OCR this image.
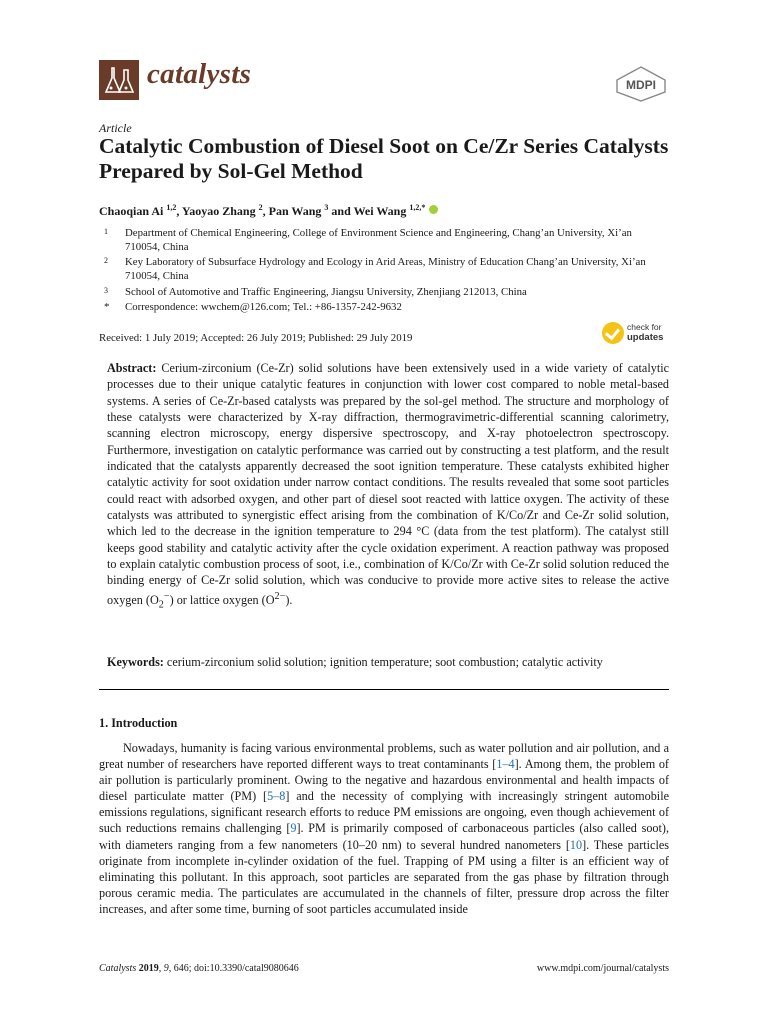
catalysts	MDPI
Article
Catalytic Combustion of Diesel Soot on Ce/Zr Series Catalysts Prepared by Sol-Gel Method
Chaoqian Ai $^{1,2}$, Yaoyao Zhang $^2$, Pan Wang $^3$ and Wei Wang $^{1,2,*}$
1 Department of Chemical Engineering, College of Environment Science and Engineering, Chang’an University, Xi’an 710054, China
2 Key Laboratory of Subsurface Hydrology and Ecology in Arid Areas, Ministry of Education Chang’an University, Xi’an 710054, China
3 School of Automotive and Traffic Engineering, Jiangsu University, Zhenjiang 212013, China
* Correspondence: wwchem@126.com; Tel.: +86-1357-242-9632
Received: 1 July 2019; Accepted: 26 July 2019; Published: 29 July 2019
check for
updates
Abstract: Cerium-zirconium (Ce-Zr) solid solutions have been extensively used in a wide variety of catalytic processes due to their unique catalytic features in conjunction with lower cost compared to noble metal-based systems. A series of Ce-Zr-based catalysts was prepared by the sol-gel method. The structure and morphology of these catalysts were characterized by X-ray diffraction, thermogravimetric-differential scanning calorimetry, scanning electron microscopy, energy dispersive spectroscopy, and X-ray photoelectron spectroscopy. Furthermore, investigation on catalytic performance was carried out by constructing a test platform, and the result indicated that the catalysts apparently decreased the soot ignition temperature. These catalysts exhibited higher catalytic activity for soot oxidation under narrow contact conditions. The results revealed that some soot particles could react with adsorbed oxygen, and other part of diesel soot reacted with lattice oxygen. The activity of these catalysts was attributed to synergistic effect arising from the combination of K/Co/Zr and Ce-Zr solid solution, which led to the decrease in the ignition temperature to 294 °C (data from the test platform). The catalyst still keeps good stability and catalytic activity after the cycle oxidation experiment. A reaction pathway was proposed to explain catalytic combustion process of soot, i.e., combination of K/Co/Zr with Ce-Zr solid solution reduced the binding energy of Ce-Zr solid solution, which was conducive to provide more active sites to release the active oxygen $(O_2^-)$ or lattice oxygen $(O^{2-})$.
Keywords: cerium-zirconium solid solution; ignition temperature; soot combustion; catalytic activity
1. Introduction
Nowadays, humanity is facing various environmental problems, such as water pollution and air pollution, and a great number of researchers have reported different ways to treat contaminants [1–4]. Among them, the problem of air pollution is particularly prominent. Owing to the negative and hazardous environmental and health impacts of diesel particulate matter (PM) [5–8] and the necessity of complying with increasingly stringent automobile emissions regulations, significant research efforts to reduce PM emissions are ongoing, even though achievement of such reductions remains challenging [9]. PM is primarily composed of carbonaceous particles (also called soot), with diameters ranging from a few nanometers (10–20 nm) to several hundred nanometers [10]. These particles originate from incomplete in-cylinder oxidation of the fuel. Trapping of PM using a filter is an efficient way of eliminating this pollutant. In this approach, soot particles are separated from the gas phase by filtration through porous ceramic media. The particulates are accumulated in the channels of filter, pressure drop across the filter increases, and after some time, burning of soot particles accumulated inside
Catalysts 2019, 9, 646; doi:10.3390/catal9080646	www.mdpi.com/journal/catalysts
